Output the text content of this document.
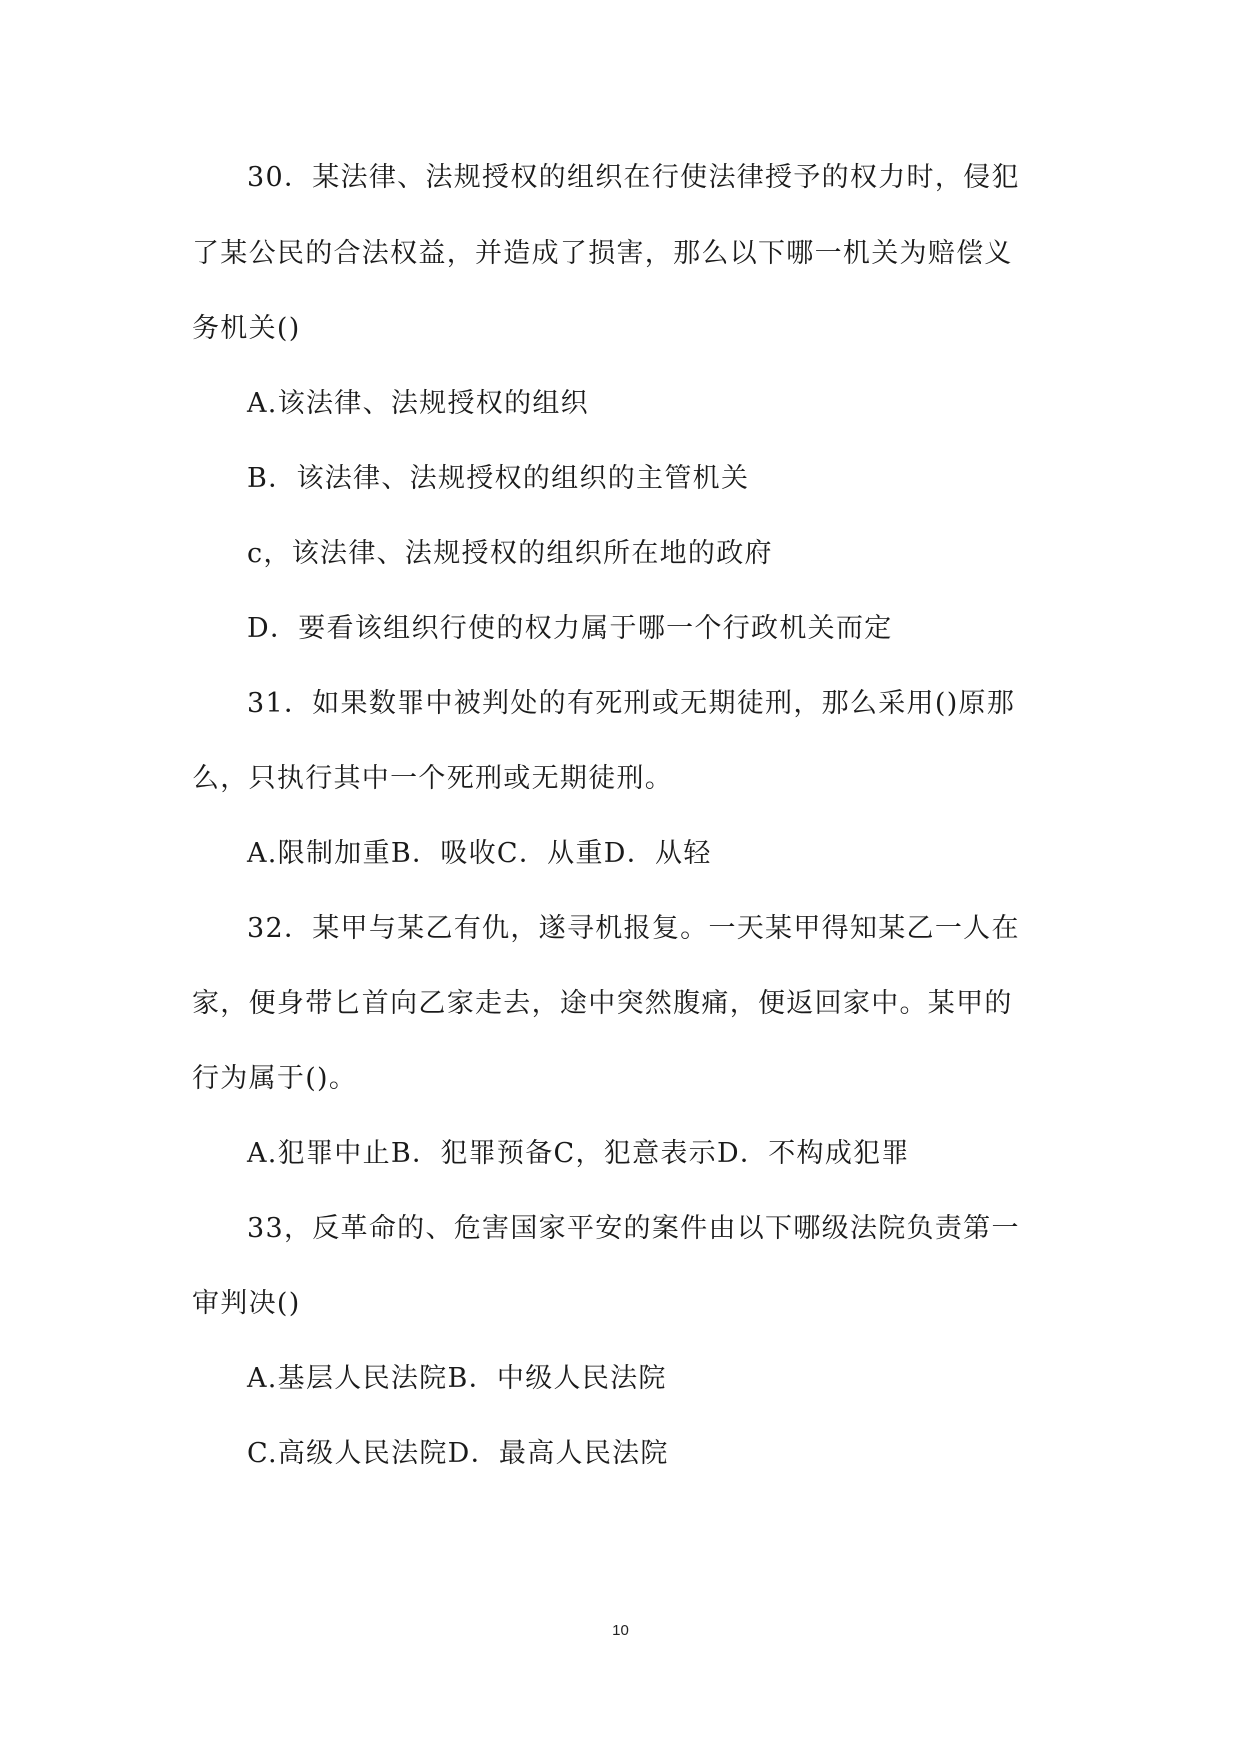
30．某法律、法规授权的组织在行使法律授予的权力时，侵犯
了某公民的合法权益，并造成了损害，那么以下哪一机关为赔偿义
务机关()
A.该法律、法规授权的组织
B．该法律、法规授权的组织的主管机关
c，该法律、法规授权的组织所在地的政府
D．要看该组织行使的权力属于哪一个行政机关而定
31．如果数罪中被判处的有死刑或无期徒刑，那么采用()原那
么，只执行其中一个死刑或无期徒刑。
A.限制加重B．吸收C．从重D．从轻
32．某甲与某乙有仇，遂寻机报复。一天某甲得知某乙一人在
家，便身带匕首向乙家走去，途中突然腹痛，便返回家中。某甲的
行为属于()。
A.犯罪中止B．犯罪预备C，犯意表示D．不构成犯罪
33，反革命的、危害国家平安的案件由以下哪级法院负责第一
审判决()
A.基层人民法院B．中级人民法院
C.高级人民法院D．最高人民法院
10
